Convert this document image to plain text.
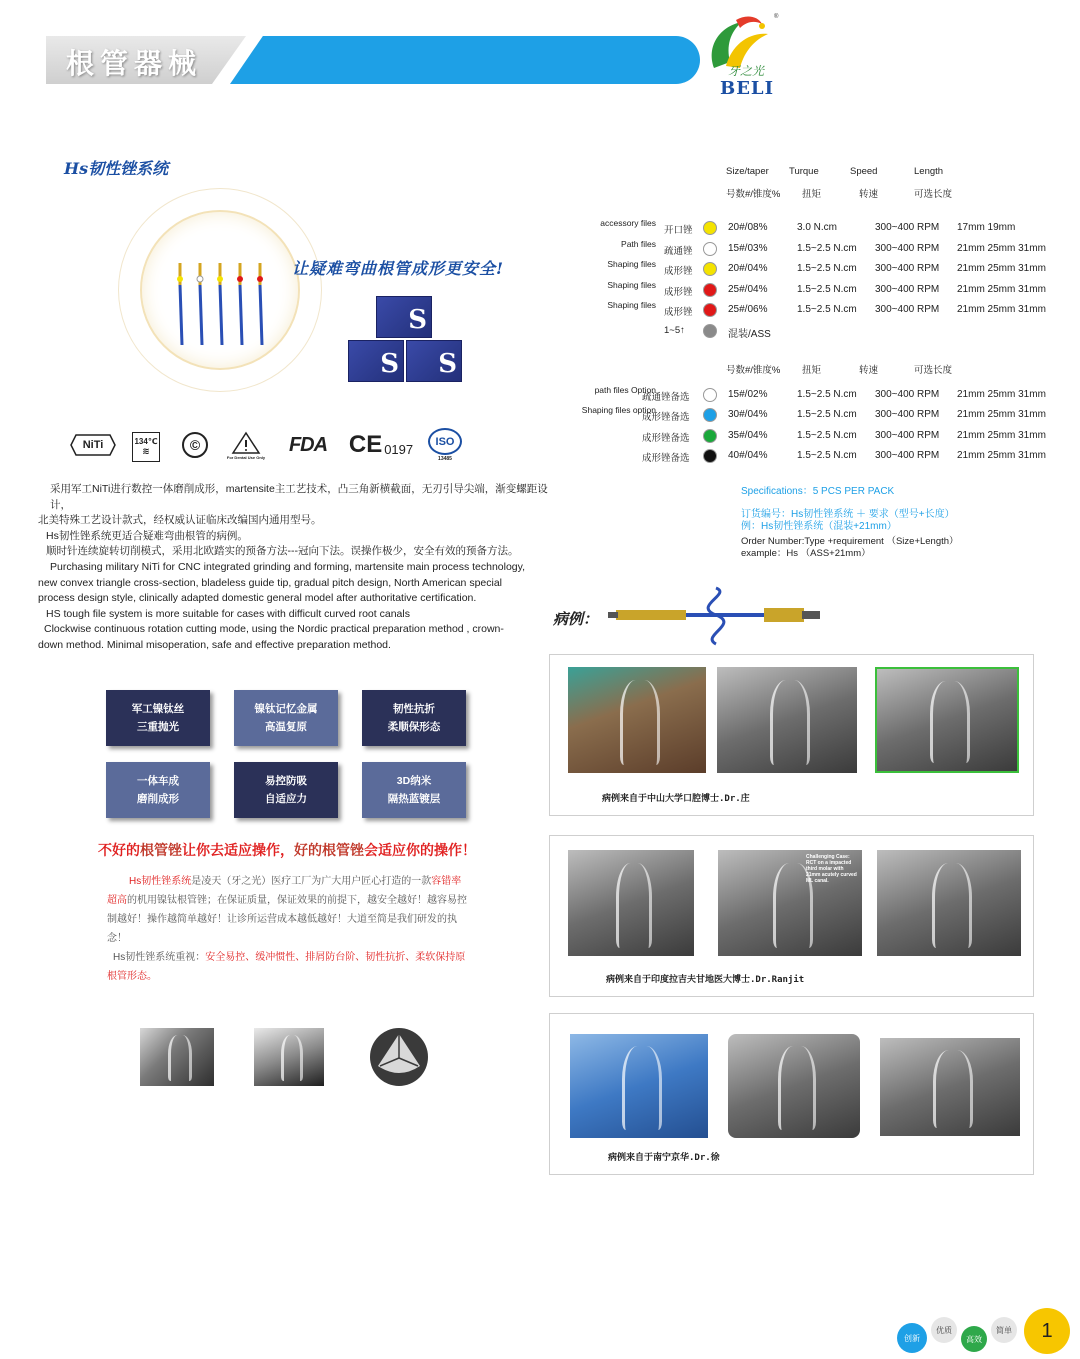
根管器械
®
牙之光
BELI
Hs韧性锉系统
让疑难弯曲根管成形更安全!
S
S S
NiTi	134℃
≋	©
For Dental Use Only
FDA CE 0197	ISO
13485

采用军工NiTi进行数控一体磨削成形，martensite主工艺技术，凸三角新横截面，无刃引导尖端，渐变螺距设计，

北美特殊工艺设计款式，经权威认证临床改编国内通用型号。

Hs韧性锉系统更适合疑难弯曲根管的病例。

顺时针连续旋转切削模式，采用北欧踏实的预备方法---冠向下法。误操作极少，安全有效的预备方法。

Purchasing military NiTi for CNC integrated grinding and forming, martensite main process technology,

new convex triangle cross-section, bladeless guide tip, gradual pitch design, North American special

process design style, clinically adapted domestic general model after authoritative certification.

HS tough file system is more suitable for cases with difficult curved root canals

Clockwise continuous rotation cutting mode, using the Nordic practical preparation method , crown-

down method. Minimal misoperation, safe and effective preparation method.

军工镍钛丝
三重抛光
镍钛记忆金属
高温复原
韧性抗折
柔顺保形态
一体车成
磨削成形
易控防吸
自适应力
3D纳米
隔热蓝镀层
不好的根管锉让你去适应操作，好的根管锉会适应你的操作！
Hs韧性锉系统是凌天（牙之光）医疗工厂为广大用户匠心打造的一款容错率超高的机用镍钛根管锉；在保证质量，保证效果的前提下，越安全越好！越容易控制越好！操作越简单越好！让诊所运营成本越低越好！大道至简是我们研发的执念！
Hs韧性锉系统重视：安全易控、缓冲惯性、排屑防台阶、韧性抗折、柔软保持原根管形态。
Size/taper Turque	Speed	Length
号数#/锥度% 扭矩	转速	可选长度
accessory files
开口锉	20#/08%	3.0 N.cm	300~400 RPM 17mm 19mm
Path files
疏通锉	15#/03%	1.5~2.5 N.cm 300~400 RPM 21mm 25mm 31mm
Shaping files
成形锉	20#/04%	1.5~2.5 N.cm 300~400 RPM 21mm 25mm 31mm
Shaping files
成形锉	25#/04%	1.5~2.5 N.cm 300~400 RPM 21mm 25mm 31mm
Shaping files
成形锉	25#/06%	1.5~2.5 N.cm 300~400 RPM 21mm 25mm 31mm
1~5↑	混装/ASS
号数#/锥度% 扭矩	转速	可选长度
path files Option
疏通锉备选	15#/02%	1.5~2.5 N.cm 300~400 RPM 21mm 25mm 31mm
Shaping files option
成形锉备选	30#/04%	1.5~2.5 N.cm 300~400 RPM 21mm 25mm 31mm
成形锉备选	35#/04%	1.5~2.5 N.cm 300~400 RPM 21mm 25mm 31mm
成形锉备选	40#/04%	1.5~2.5 N.cm 300~400 RPM 21mm 25mm 31mm
Specifications：5 PCS PER PACK
订货编号：Hs韧性锉系统 ＋ 要求（型号+长度）
例：Hs韧性锉系统（混装+21mm）
Order Number:Type +requirement （Size+Length）
example：Hs （ASS+21mm）
病例：
病例来自于中山大学口腔博士.Dr.庄
Challenging Case: RCT on a impacted third molar with 21mm acutely curved ML canal.
病例来自于印度拉吉夫甘地医大博士.Dr.Ranjit
病例来自于南宁京华.Dr.徐
创新
优质
高效
简单	1
